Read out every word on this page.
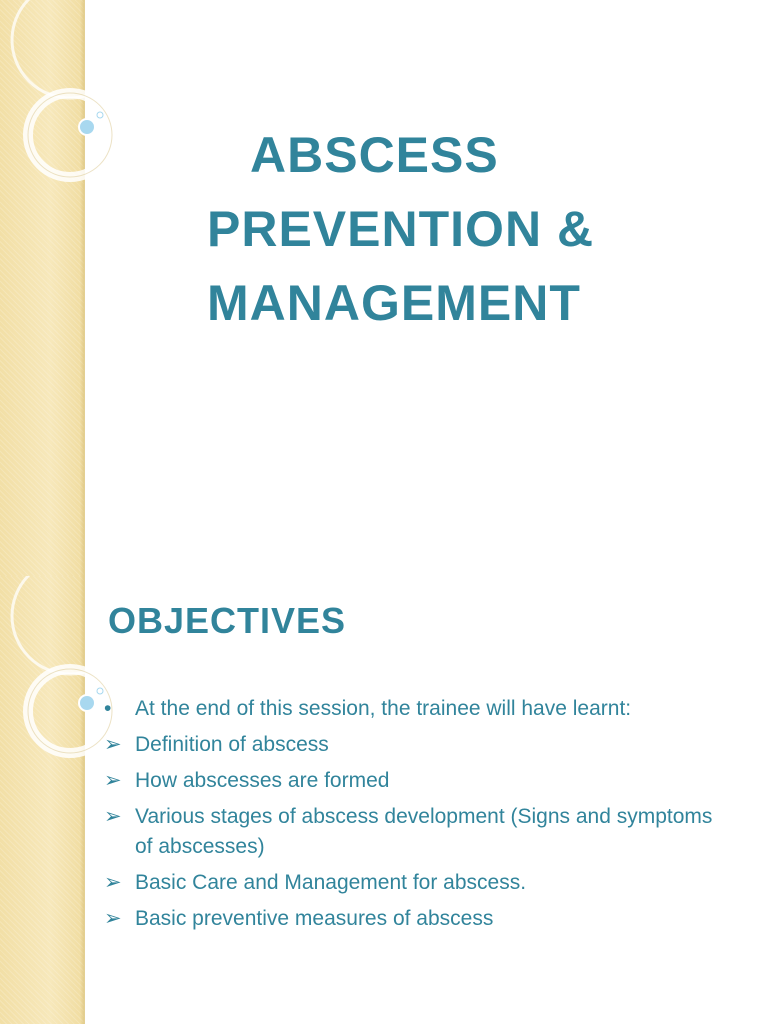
ABSCESS
PREVENTION &
MANAGEMENT
OBJECTIVES
•	At the end of this session, the trainee will have learnt:
➢ Definition of abscess
➢ How abscesses are formed
➢ Various stages of abscess development (Signs and symptoms of abscesses)
➢ Basic Care and Management for abscess.
➢ Basic preventive measures of abscess
